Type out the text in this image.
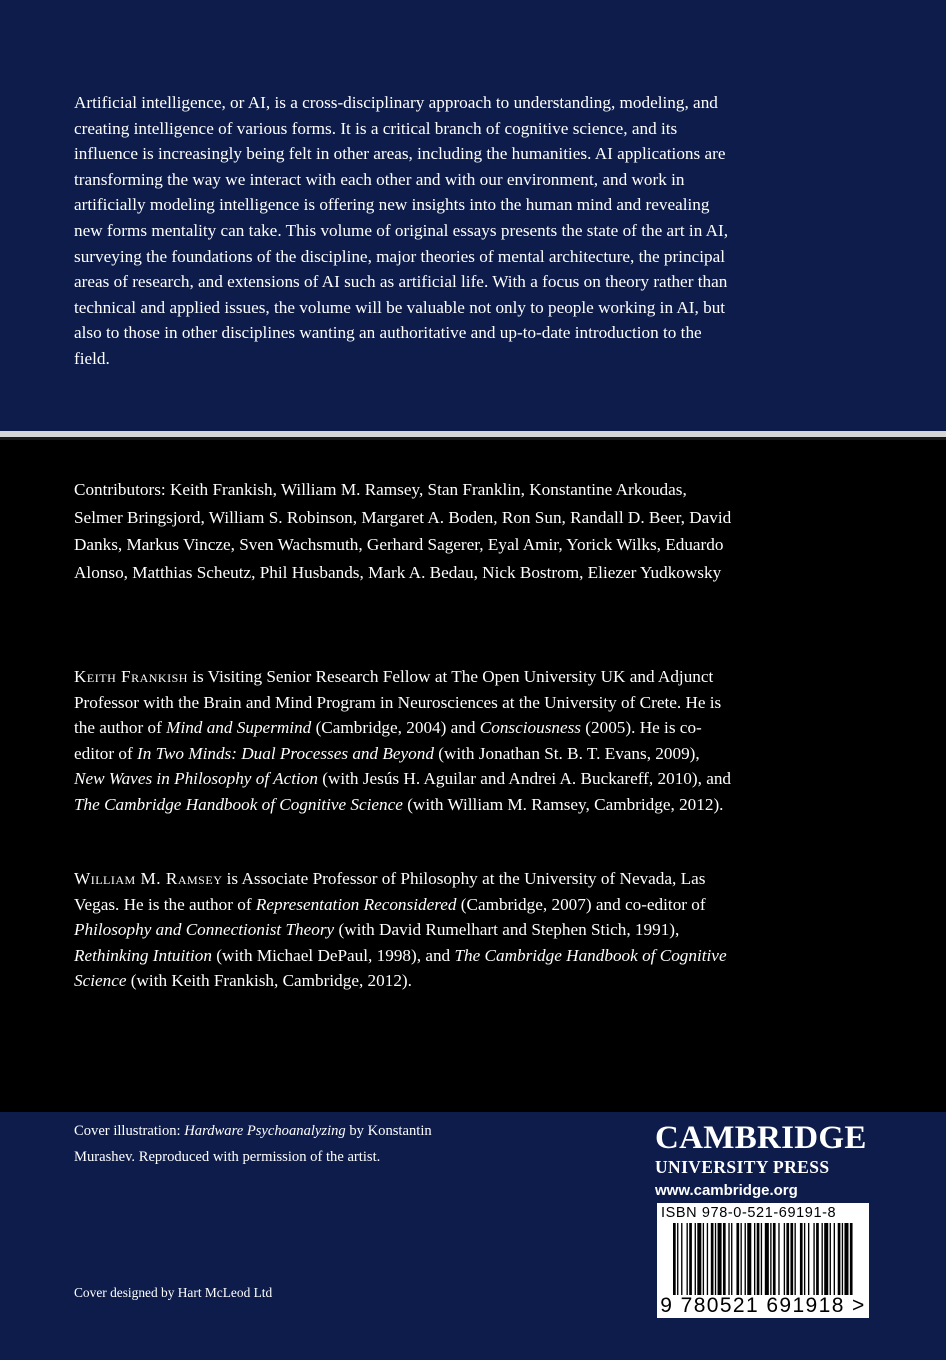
Artificial intelligence, or AI, is a cross-disciplinary approach to understanding, modeling, and creating intelligence of various forms. It is a critical branch of cognitive science, and its influence is increasingly being felt in other areas, including the humanities. AI applications are transforming the way we interact with each other and with our environment, and work in artificially modeling intelligence is offering new insights into the human mind and revealing new forms mentality can take. This volume of original essays presents the state of the art in AI, surveying the foundations of the discipline, major theories of mental architecture, the principal areas of research, and extensions of AI such as artificial life. With a focus on theory rather than technical and applied issues, the volume will be valuable not only to people working in AI, but also to those in other disciplines wanting an authoritative and up-to-date introduction to the field.

Contributors: Keith Frankish, William M. Ramsey, Stan Franklin, Konstantine Arkoudas, Selmer Bringsjord, William S. Robinson, Margaret A. Boden, Ron Sun, Randall D. Beer, David Danks, Markus Vincze, Sven Wachsmuth, Gerhard Sagerer, Eyal Amir, Yorick Wilks, Eduardo Alonso, Matthias Scheutz, Phil Husbands, Mark A. Bedau, Nick Bostrom, Eliezer Yudkowsky

Keith Frankish is Visiting Senior Research Fellow at The Open University UK and Adjunct Professor with the Brain and Mind Program in Neurosciences at the University of Crete. He is the author of Mind and Supermind (Cambridge, 2004) and Consciousness (2005). He is co-editor of In Two Minds: Dual Processes and Beyond (with Jonathan St. B. T. Evans, 2009), New Waves in Philosophy of Action (with Jesús H. Aguilar and Andrei A. Buckareff, 2010), and The Cambridge Handbook of Cognitive Science (with William M. Ramsey, Cambridge, 2012).

William M. Ramsey is Associate Professor of Philosophy at the University of Nevada, Las Vegas. He is the author of Representation Reconsidered (Cambridge, 2007) and co-editor of Philosophy and Connectionist Theory (with David Rumelhart and Stephen Stich, 1991), Rethinking Intuition (with Michael DePaul, 1998), and The Cambridge Handbook of Cognitive Science (with Keith Frankish, Cambridge, 2012).

Cover illustration: Hardware Psychoanalyzing by Konstantin Murashev. Reproduced with permission of the artist.

Cover designed by Hart McLeod Ltd

CAMBRIDGE
UNIVERSITY PRESS
www.cambridge.org
ISBN 978-0-521-69191-8
9 780521 691918 >
